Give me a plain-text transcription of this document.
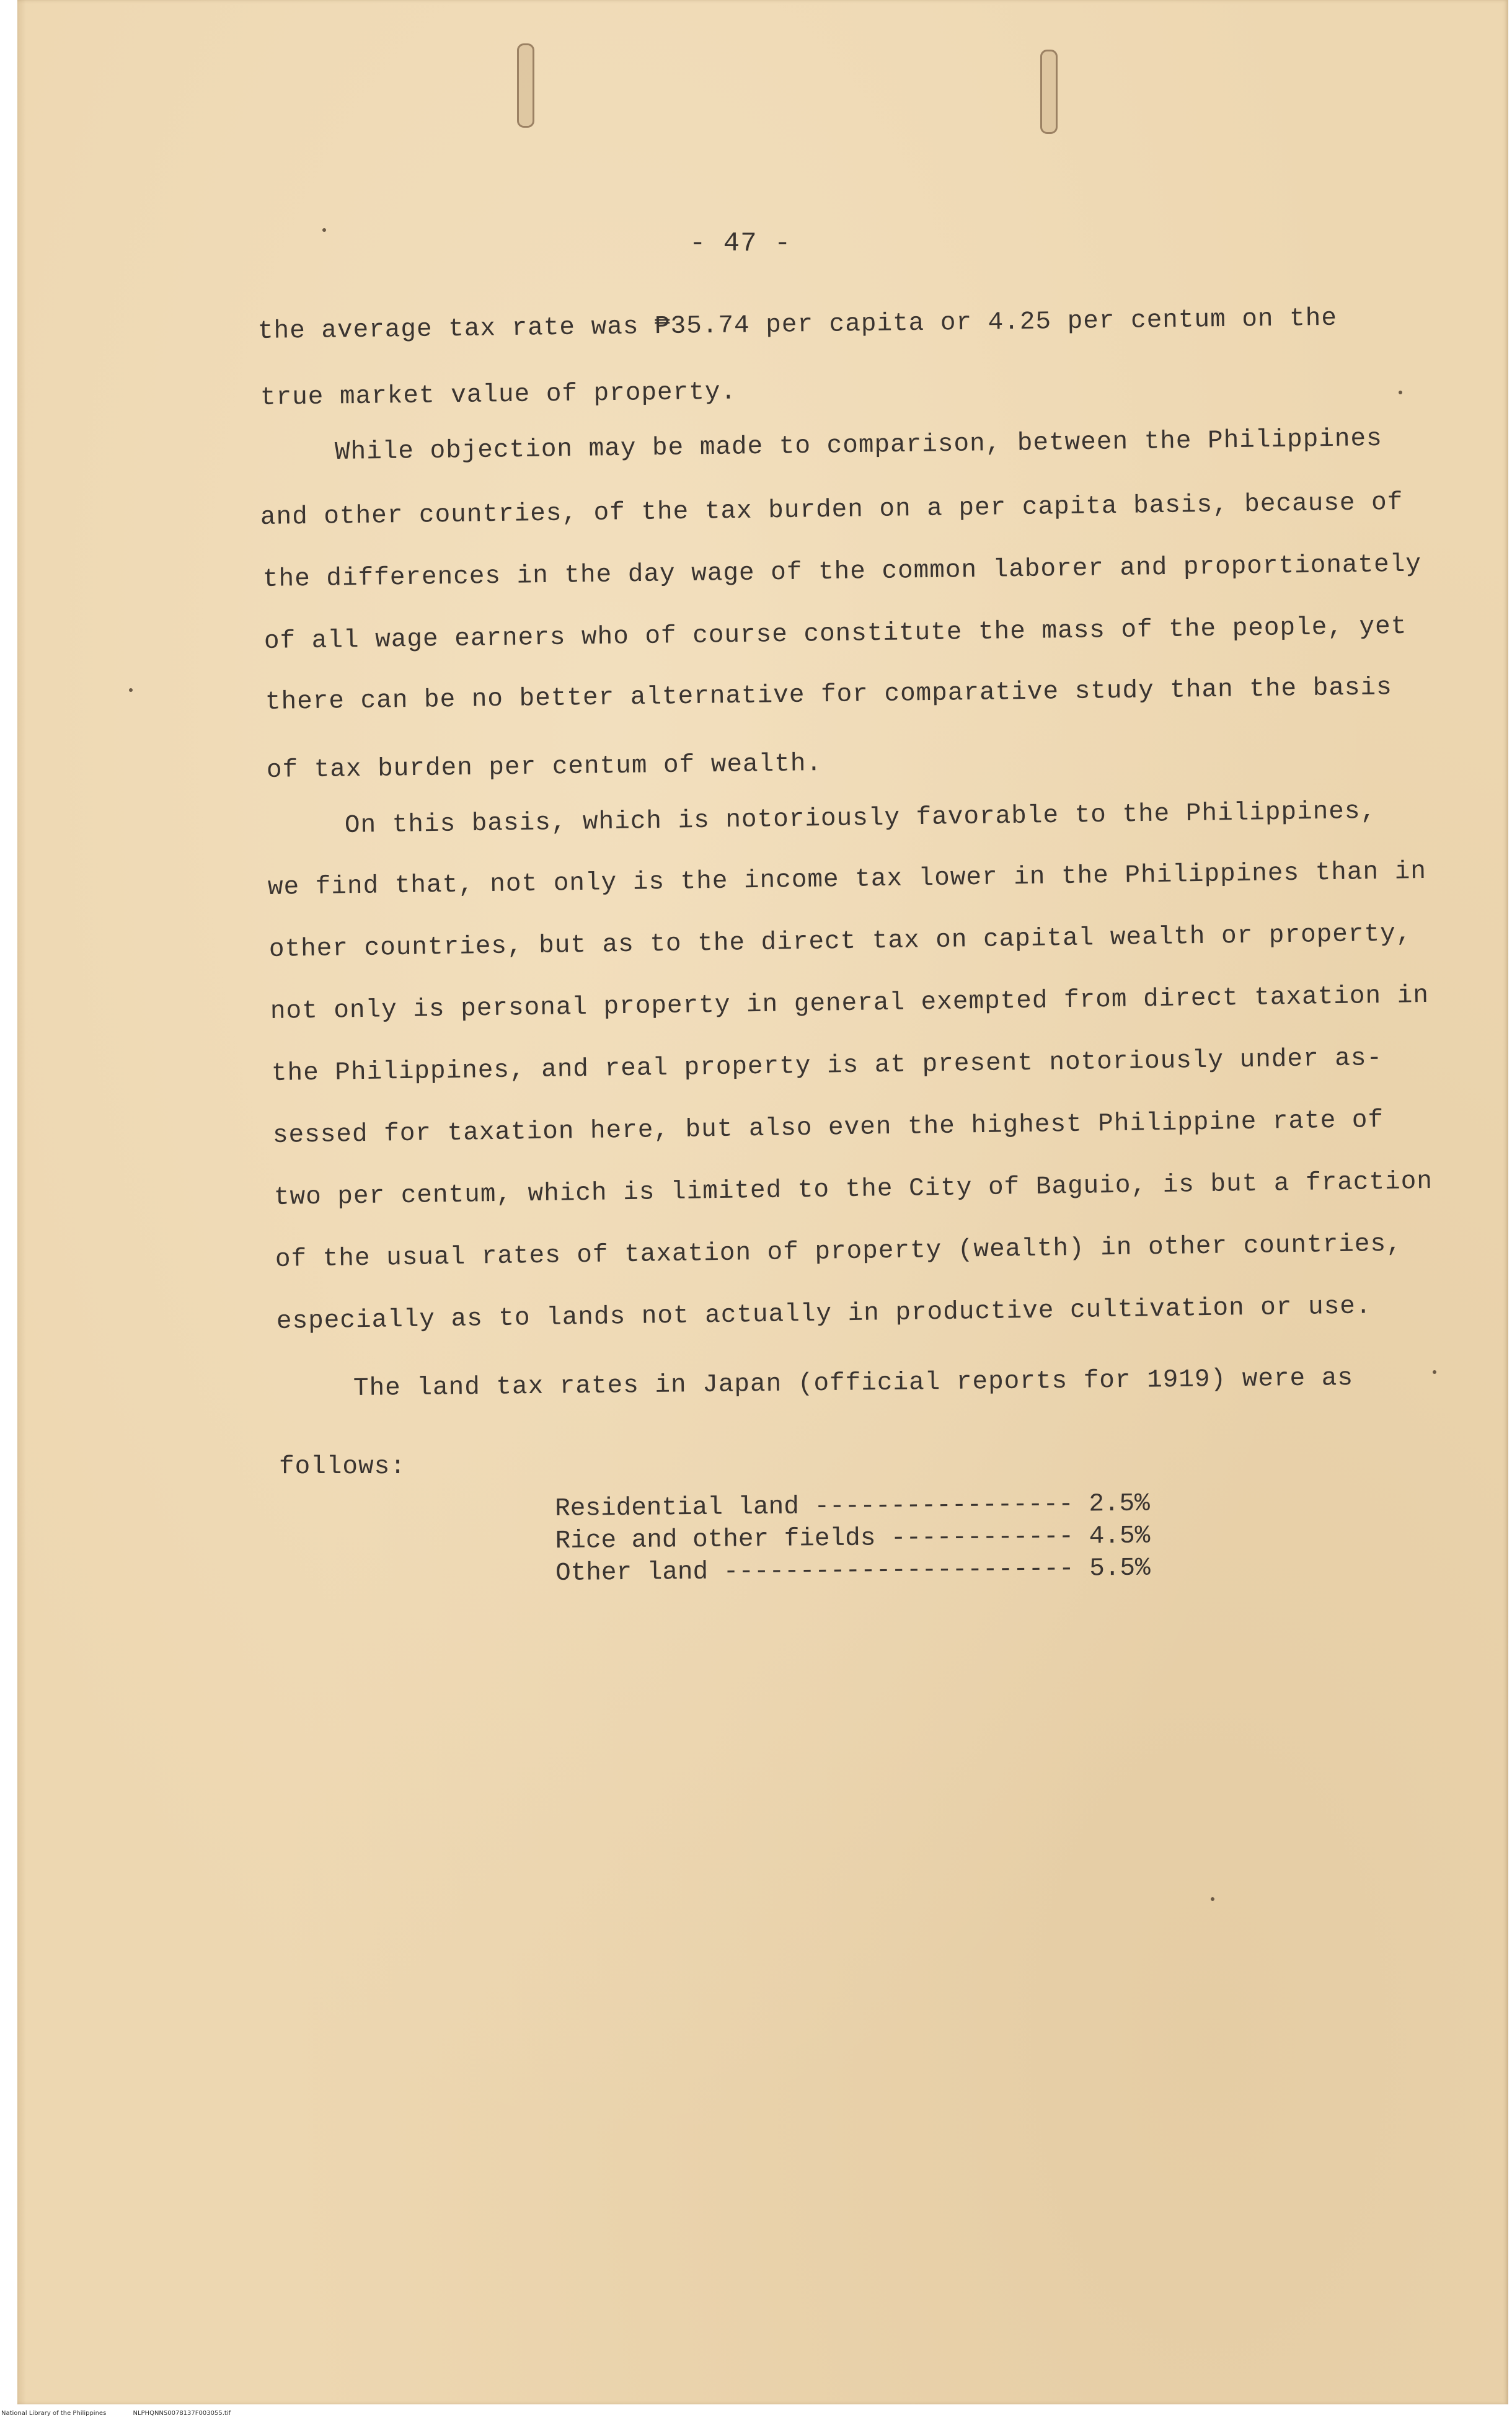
- 47 -

the average tax rate was ₱35.74 per capita or 4.25 per centum on the

true market value of property.

While objection may be made to comparison, between the Philippines

and other countries, of the tax burden on a per capita basis, because of

the differences in the day wage of the common laborer and proportionately

of all wage earners who of course constitute the mass of the people, yet

there can be no better alternative for comparative study than the basis

of tax burden per centum of wealth.

On this basis, which is notoriously favorable to the Philippines,

we find that, not only is the income tax lower in the Philippines than in

other countries, but as to the direct tax on capital wealth or property,

not only is personal property in general exempted from direct taxation in

the Philippines, and real property is at present notoriously under as-

sessed for taxation here, but also even the highest Philippine rate of

two per centum, which is limited to the City of Baguio, is but a fraction

of the usual rates of taxation of property (wealth) in other countries,

especially as to lands not actually in productive cultivation or use.

The land tax rates in Japan (official reports for 1919) were as

follows:

Residential land ----------------- 2.5%
Rice and other fields ------------ 4.5%
Other land ----------------------- 5.5%
National Library of the Philippines	NLPHQNNS0078137F003055.tif
